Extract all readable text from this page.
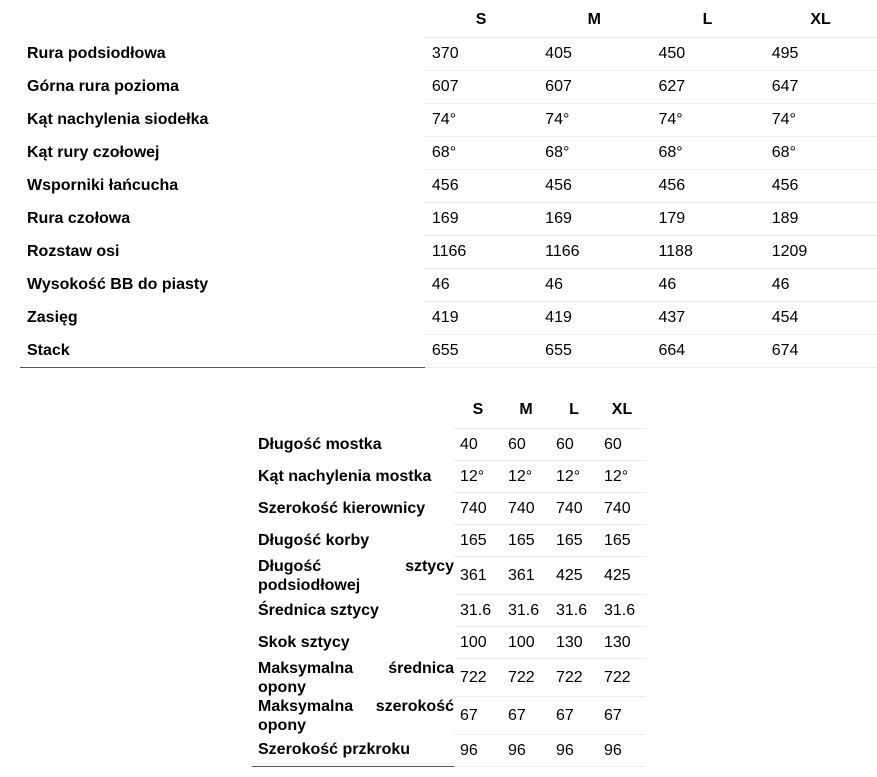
	S	M	L	XL
Rura podsiodłowa	370	405	450	495
Górna rura pozioma	607	607	627	647
Kąt nachylenia siodełka	74°	74°	74°	74°
Kąt rury czołowej	68°	68°	68°	68°
Wsporniki łańcucha	456	456	456	456
Rura czołowa	169	169	179	189
Rozstaw osi	1166	1166	1188	1209
Wysokość BB do piasty	46	46	46	46
Zasięg	419	419	437	454
Stack	655	655	664	674
	S	M	L	XL
Długość mostka	40	60	60	60
Kąt nachylenia mostka	12°	12°	12°	12°
Szerokość kierownicy	740	740	740	740
Długość korby	165	165	165	165

Długość sztycy podsiodłowej	361	361	425	425
Średnica sztycy	31.6	31.6	31.6	31.6
Skok sztycy	100	100	130	130

Maksymalna średnica opony	722	722	722	722

Maksymalna szerokość opony	67	67	67	67
Szerokość przkroku	96	96	96	96
